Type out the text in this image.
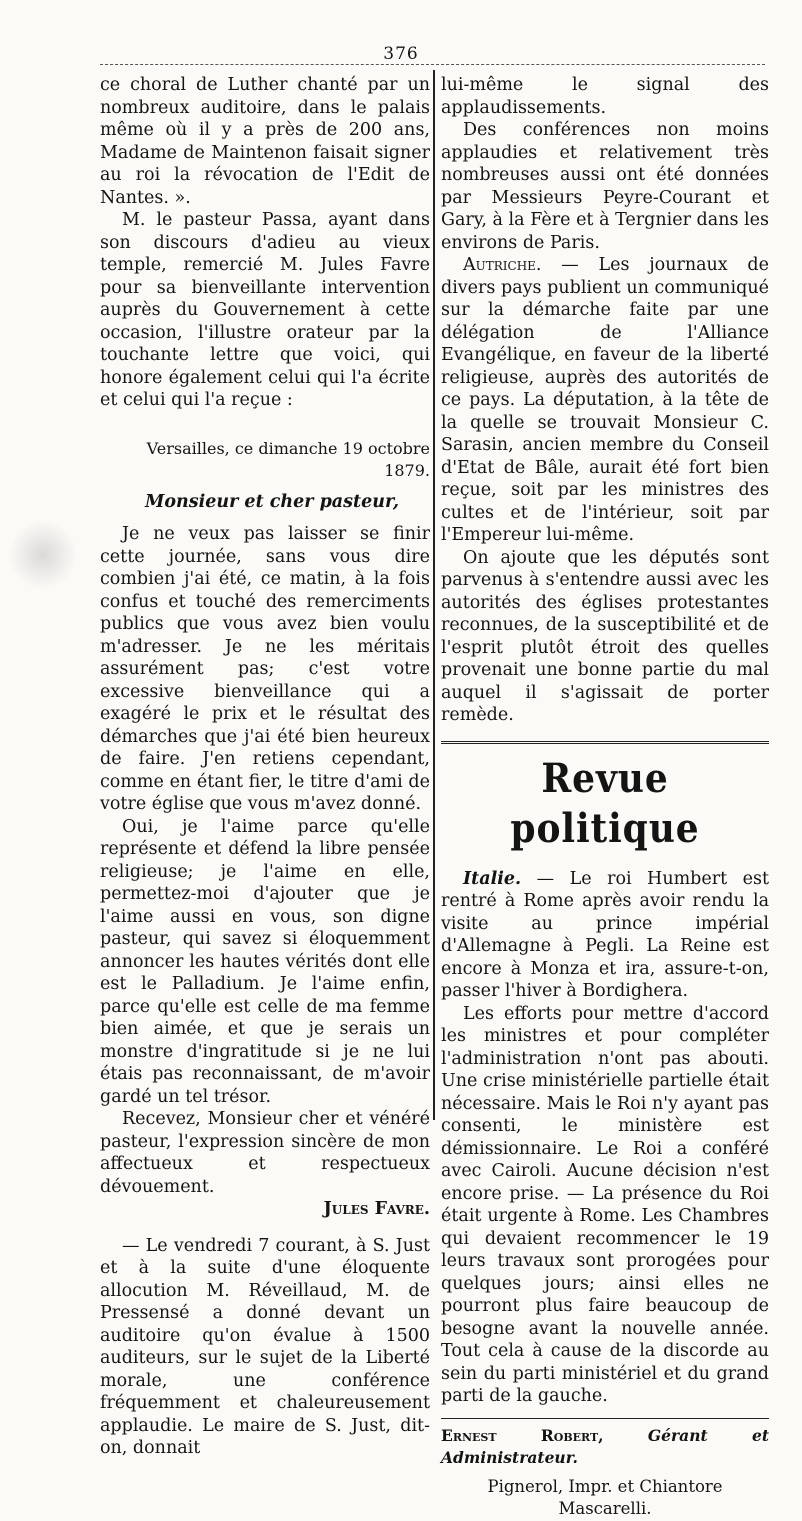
376

ce choral de Luther chanté par un nombreux auditoire, dans le palais même où il y a près de 200 ans, Madame de Maintenon faisait signer au roi la révocation de l'Edit de Nantes. ».

M. le pasteur Passa, ayant dans son discours d'adieu au vieux temple, remercié M. Jules Favre pour sa bienveillante intervention auprès du Gouvernement à cette occasion, l'illustre orateur par la touchante lettre que voici, qui honore également celui qui l'a écrite et celui qui l'a reçue :

Versailles, ce dimanche 19 octobre 1879.

Monsieur et cher pasteur,

Je ne veux pas laisser se finir cette journée, sans vous dire combien j'ai été, ce matin, à la fois confus et touché des remerciments publics que vous avez bien voulu m'adresser. Je ne les méritais assurément pas; c'est votre excessive bienveillance qui a exagéré le prix et le résultat des démarches que j'ai été bien heureux de faire. J'en retiens cependant, comme en étant fier, le titre d'ami de votre église que vous m'avez donné.

Oui, je l'aime parce qu'elle représente et défend la libre pensée religieuse; je l'aime en elle, permettez-moi d'ajouter que je l'aime aussi en vous, son digne pasteur, qui savez si éloquemment annoncer les hautes vérités dont elle est le Palladium. Je l'aime enfin, parce qu'elle est celle de ma femme bien aimée, et que je serais un monstre d'ingratitude si je ne lui étais pas reconnaissant, de m'avoir gardé un tel trésor.

Recevez, Monsieur cher et vénéré pasteur, l'expression sincère de mon affectueux et respectueux dévouement.

Jules Favre.

— Le vendredi 7 courant, à S. Just et à la suite d'une éloquente allocution M. Réveillaud, M. de Pressensé a donné devant un auditoire qu'on évalue à 1500 auditeurs, sur le sujet de la Liberté morale, une conférence fréquemment et chaleureusement applaudie. Le maire de S. Just, dit-on, donnait

lui-même le signal des applaudissements.

Des conférences non moins applaudies et relativement très nombreuses aussi ont été données par Messieurs Peyre-Courant et Gary, à la Fère et à Tergnier dans les environs de Paris.

Autriche. — Les journaux de divers pays publient un communiqué sur la démarche faite par une délégation de l'Alliance Evangélique, en faveur de la liberté religieuse, auprès des autorités de ce pays. La députation, à la tête de la quelle se trouvait Monsieur C. Sarasin, ancien membre du Conseil d'Etat de Bâle, aurait été fort bien reçue, soit par les ministres des cultes et de l'intérieur, soit par l'Empereur lui-même.

On ajoute que les députés sont parvenus à s'entendre aussi avec les autorités des églises protestantes reconnues, de la susceptibilité et de l'esprit plutôt étroit des quelles provenait une bonne partie du mal auquel il s'agissait de porter remède.

Revue politique

Italie. — Le roi Humbert est rentré à Rome après avoir rendu la visite au prince impérial d'Allemagne à Pegli. La Reine est encore à Monza et ira, assure-t-on, passer l'hiver à Bordighera.

Les efforts pour mettre d'accord les ministres et pour compléter l'administration n'ont pas abouti. Une crise ministérielle partielle était nécessaire. Mais le Roi n'y ayant pas consenti, le ministère est démissionnaire. Le Roi a conféré avec Cairoli. Aucune décision n'est encore prise. — La présence du Roi était urgente à Rome. Les Chambres qui devaient recommencer le 19 leurs travaux sont prorogées pour quelques jours; ainsi elles ne pourront plus faire beaucoup de besogne avant la nouvelle année. Tout cela à cause de la discorde au sein du parti ministériel et du grand parti de la gauche.

Ernest Robert, Gérant et Administrateur.

Pignerol, Impr. et Chiantore Mascarelli.
